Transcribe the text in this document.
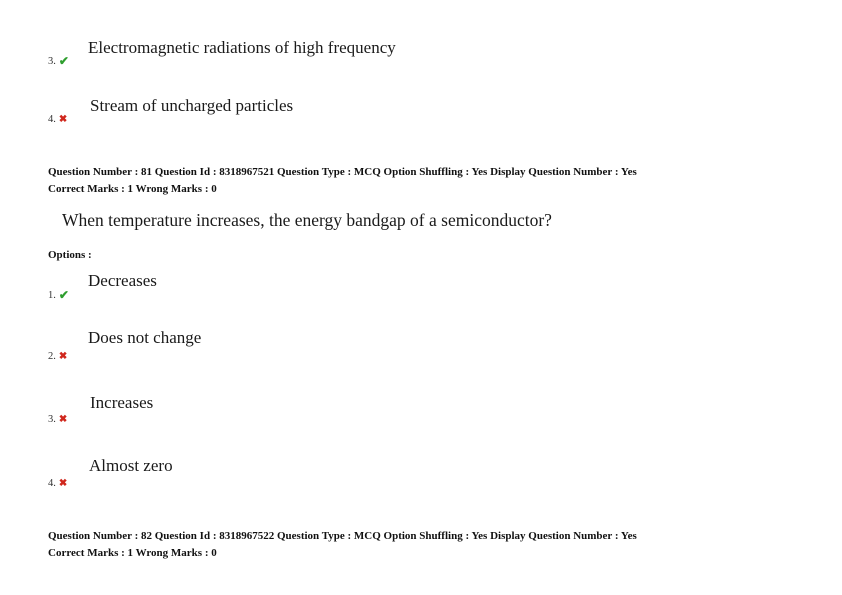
Electromagnetic radiations of high frequency
3. ✔
Stream of uncharged particles
4. ✖
Question Number : 81 Question Id : 8318967521 Question Type : MCQ Option Shuffling : Yes Display Question Number : Yes
Correct Marks : 1 Wrong Marks : 0
When temperature increases, the energy bandgap of a semiconductor?
Options :
Decreases
1. ✔
Does not change
2. ✖
Increases
3. ✖
Almost zero
4. ✖
Question Number : 82 Question Id : 8318967522 Question Type : MCQ Option Shuffling : Yes Display Question Number : Yes
Correct Marks : 1 Wrong Marks : 0
